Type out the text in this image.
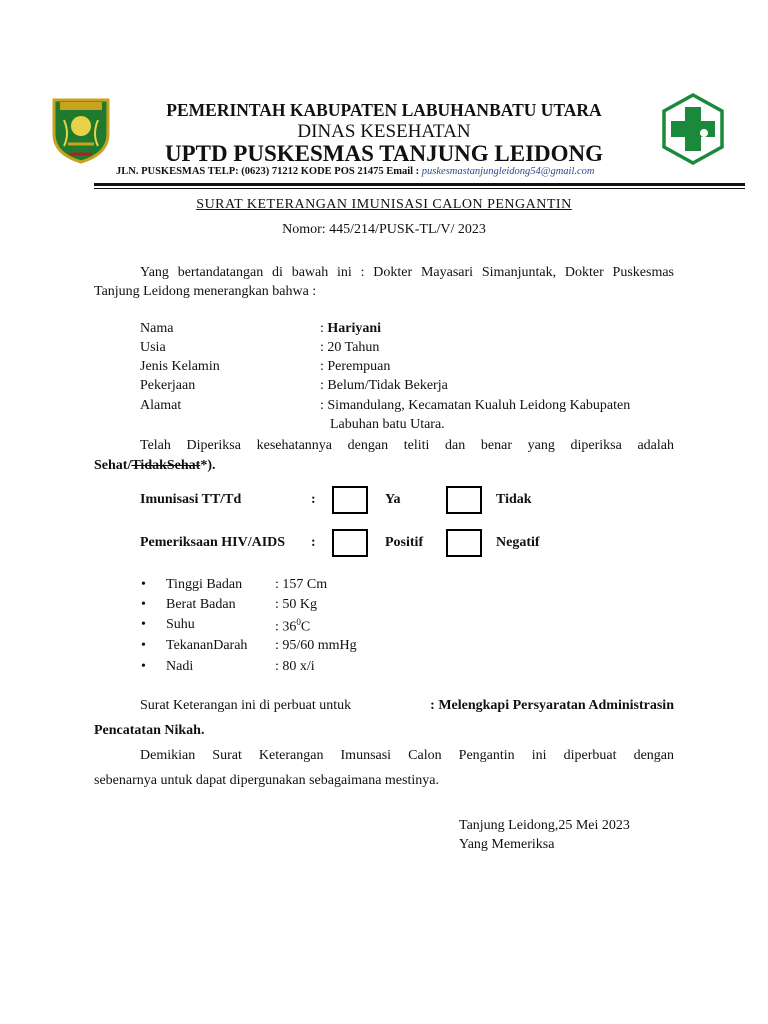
PEMERINTAH KABUPATEN LABUHANBATU UTARA
DINAS KESEHATAN
UPTD PUSKESMAS TANJUNG LEIDONG
JLN. PUSKESMAS TELP: (0623) 71212 KODE POS 21475 Email : puskesmastanjungleidong54@gmail.com
SURAT KETERANGAN IMUNISASI CALON PENGANTIN
Nomor: 445/214/PUSK-TL/V/ 2023
Yang bertandatangan di bawah ini : Dokter Mayasari Simanjuntak, Dokter Puskesmas
Tanjung Leidong menerangkan bahwa :
Nama	: Hariyani
Usia	: 20 Tahun
Jenis Kelamin	: Perempuan
Pekerjaan	: Belum/Tidak Bekerja
Alamat	: Simandulang, Kecamatan Kualuh Leidong Kabupaten
Labuhan batu Utara.
Telah Diperiksa kesehatannya dengan teliti dan benar yang diperiksa adalah
Sehat/TidakSehat*).
Imunisasi TT/Td	:	Ya	Tidak
Pemeriksaan HIV/AIDS :	Positif	Negatif
• Tinggi Badan : 157 Cm
• Berat Badan	: 50 Kg
• Suhu	: $36^0C$
• TekananDarah : 95/60 mmHg
• Nadi	: 80 x/i
Surat Keterangan ini di perbuat untuk	: Melengkapi Persyaratan Administrasin
Pencatatan Nikah.
Demikian Surat Keterangan Imunsasi Calon Pengantin ini diperbuat dengan
sebenarnya untuk dapat dipergunakan sebagaimana mestinya.
Tanjung Leidong,25 Mei 2023
Yang Memeriksa
